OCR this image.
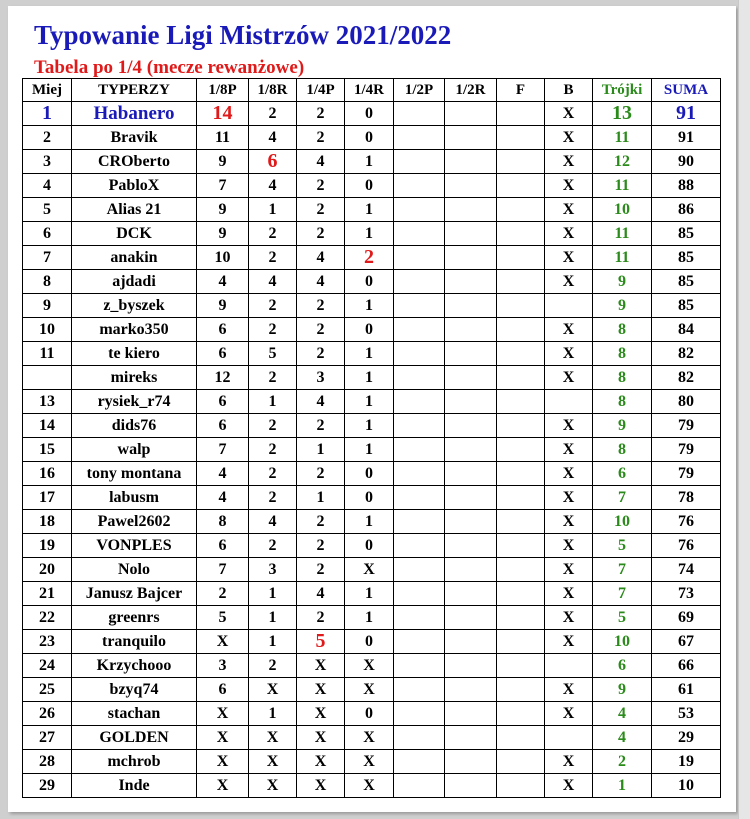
Typowanie Ligi Mistrzów 2021/2022
Tabela po 1/4 (mecze rewanżowe)
Miej	TYPERZY	1/8P	1/8R	1/4P	1/4R	1/2P	1/2R	F	B	Trójki	SUMA
1	Habanero	14	2	2	0				X	13	91
2	Bravik	11	4	2	0				X	11	91
3	CROberto	9	6	4	1				X	12	90
4	PabloX	7	4	2	0				X	11	88
5	Alias 21	9	1	2	1				X	10	86
6	DCK	9	2	2	1				X	11	85
7	anakin	10	2	4	2				X	11	85
8	ajdadi	4	4	4	0				X	9	85
9	z_byszek	9	2	2	1					9	85
10	marko350	6	2	2	0				X	8	84
11	te kiero	6	5	2	1				X	8	82
	mireks	12	2	3	1				X	8	82
13	rysiek_r74	6	1	4	1					8	80
14	dids76	6	2	2	1				X	9	79
15	walp	7	2	1	1				X	8	79
16	tony montana	4	2	2	0				X	6	79
17	labusm	4	2	1	0				X	7	78
18	Pawel2602	8	4	2	1				X	10	76
19	VONPLES	6	2	2	0				X	5	76
20	Nolo	7	3	2	X				X	7	74
21	Janusz Bajcer	2	1	4	1				X	7	73
22	greenrs	5	1	2	1				X	5	69
23	tranquilo	X	1	5	0				X	10	67
24	Krzychooo	3	2	X	X					6	66
25	bzyq74	6	X	X	X				X	9	61
26	stachan	X	1	X	0				X	4	53
27	GOLDEN	X	X	X	X					4	29
28	mchrob	X	X	X	X				X	2	19
29	Inde	X	X	X	X				X	1	10
